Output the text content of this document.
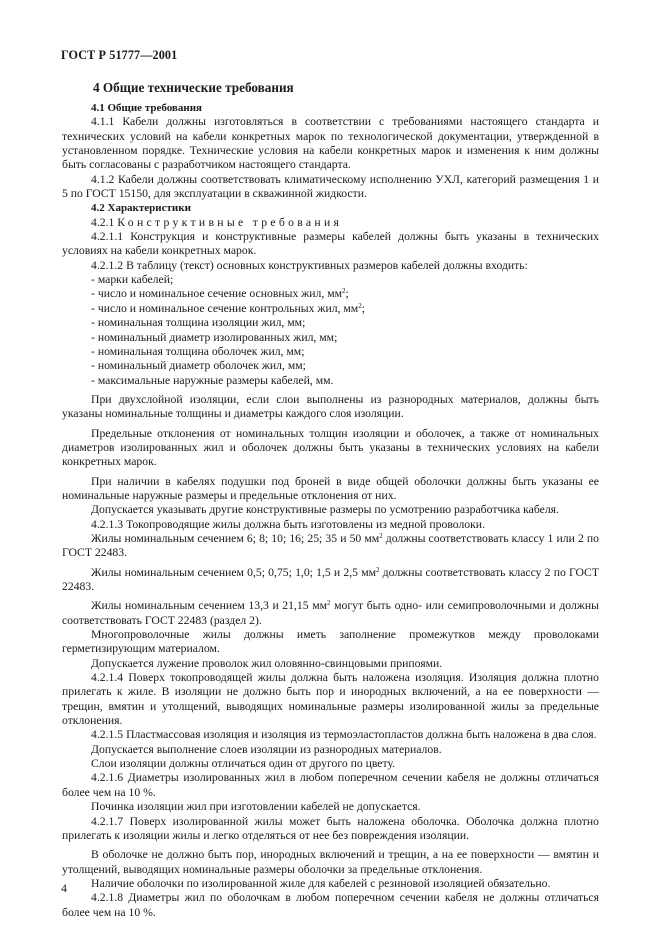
ГОСТ Р 51777—2001
4 Общие технические требования
4.1 Общие требования

4.1.1 Кабели должны изготовляться в соответствии с требованиями настоящего стандарта и технических условий на кабели конкретных марок по технологической документации, утвержденной в установленном порядке. Технические условия на кабели конкретных марок и изменения к ним должны быть согласованы с разработчиком настоящего стандарта.

4.1.2 Кабели должны соответствовать климатическому исполнению УХЛ, категорий размещения 1 и 5 по ГОСТ 15150, для эксплуатации в скважинной жидкости.

4.2 Характеристики

4.2.1 Конструктивные требования

4.2.1.1 Конструкция и конструктивные размеры кабелей должны быть указаны в технических условиях на кабели конкретных марок.

4.2.1.2 В таблицу (текст) основных конструктивных размеров кабелей должны входить:

- марки кабелей;
- число и номинальное сечение основных жил, $мм^2$;
- число и номинальное сечение контрольных жил, $мм^2$;
- номинальная толщина изоляции жил, мм;
- номинальный диаметр изолированных жил, мм;
- номинальная толщина оболочек жил, мм;
- номинальный диаметр оболочек жил, мм;
- максимальные наружные размеры кабелей, мм.

При двухслойной изоляции, если слои выполнены из разнородных материалов, должны быть указаны номинальные толщины и диаметры каждого слоя изоляции.

Предельные отклонения от номинальных толщин изоляции и оболочек, а также от номинальных диаметров изолированных жил и оболочек должны быть указаны в технических условиях на кабели конкретных марок.

При наличии в кабелях подушки под броней в виде общей оболочки должны быть указаны ее номинальные наружные размеры и предельные отклонения от них.

Допускается указывать другие конструктивные размеры по усмотрению разработчика кабеля.

4.2.1.3 Токопроводящие жилы должна быть изготовлены из медной проволоки.

Жилы номинальным сечением 6; 8; 10; 16; 25; 35 и 50 $мм^2$ должны соответствовать классу 1 или 2 по ГОСТ 22483.

Жилы номинальным сечением 0,5; 0,75; 1,0; 1,5 и 2,5 $мм^2$ должны соответствовать классу 2 по ГОСТ 22483.

Жилы номинальным сечением 13,3 и 21,15 $мм^2$ могут быть одно- или семипроволочными и должны соответствовать ГОСТ 22483 (раздел 2).

Многопроволочные жилы должны иметь заполнение промежутков между проволоками герметизирующим материалом.

Допускается лужение проволок жил оловянно-свинцовыми припоями.

4.2.1.4 Поверх токопроводящей жилы должна быть наложена изоляция. Изоляция должна плотно прилегать к жиле. В изоляции не должно быть пор и инородных включений, а на ее поверхности — трещин, вмятин и утолщений, выводящих номинальные размеры изолированной жилы за предельные отклонения.

4.2.1.5 Пластмассовая изоляция и изоляция из термоэластопластов должна быть наложена в два слоя.

Допускается выполнение слоев изоляции из разнородных материалов.

Слои изоляции должны отличаться один от другого по цвету.

4.2.1.6 Диаметры изолированных жил в любом поперечном сечении кабеля не должны отличаться более чем на 10 %.

Починка изоляции жил при изготовлении кабелей не допускается.

4.2.1.7 Поверх изолированной жилы может быть наложена оболочка. Оболочка должна плотно прилегать к изоляции жилы и легко отделяться от нее без повреждения изоляции.

В оболочке не должно быть пор, инородных включений и трещин, а на ее поверхности — вмятин и утолщений, выводящих номинальные размеры оболочки за предельные отклонения.

Наличие оболочки по изолированной жиле для кабелей с резиновой изоляцией обязательно.

4.2.1.8 Диаметры жил по оболочкам в любом поперечном сечении кабеля не должны отличаться более чем на 10 %.

4
